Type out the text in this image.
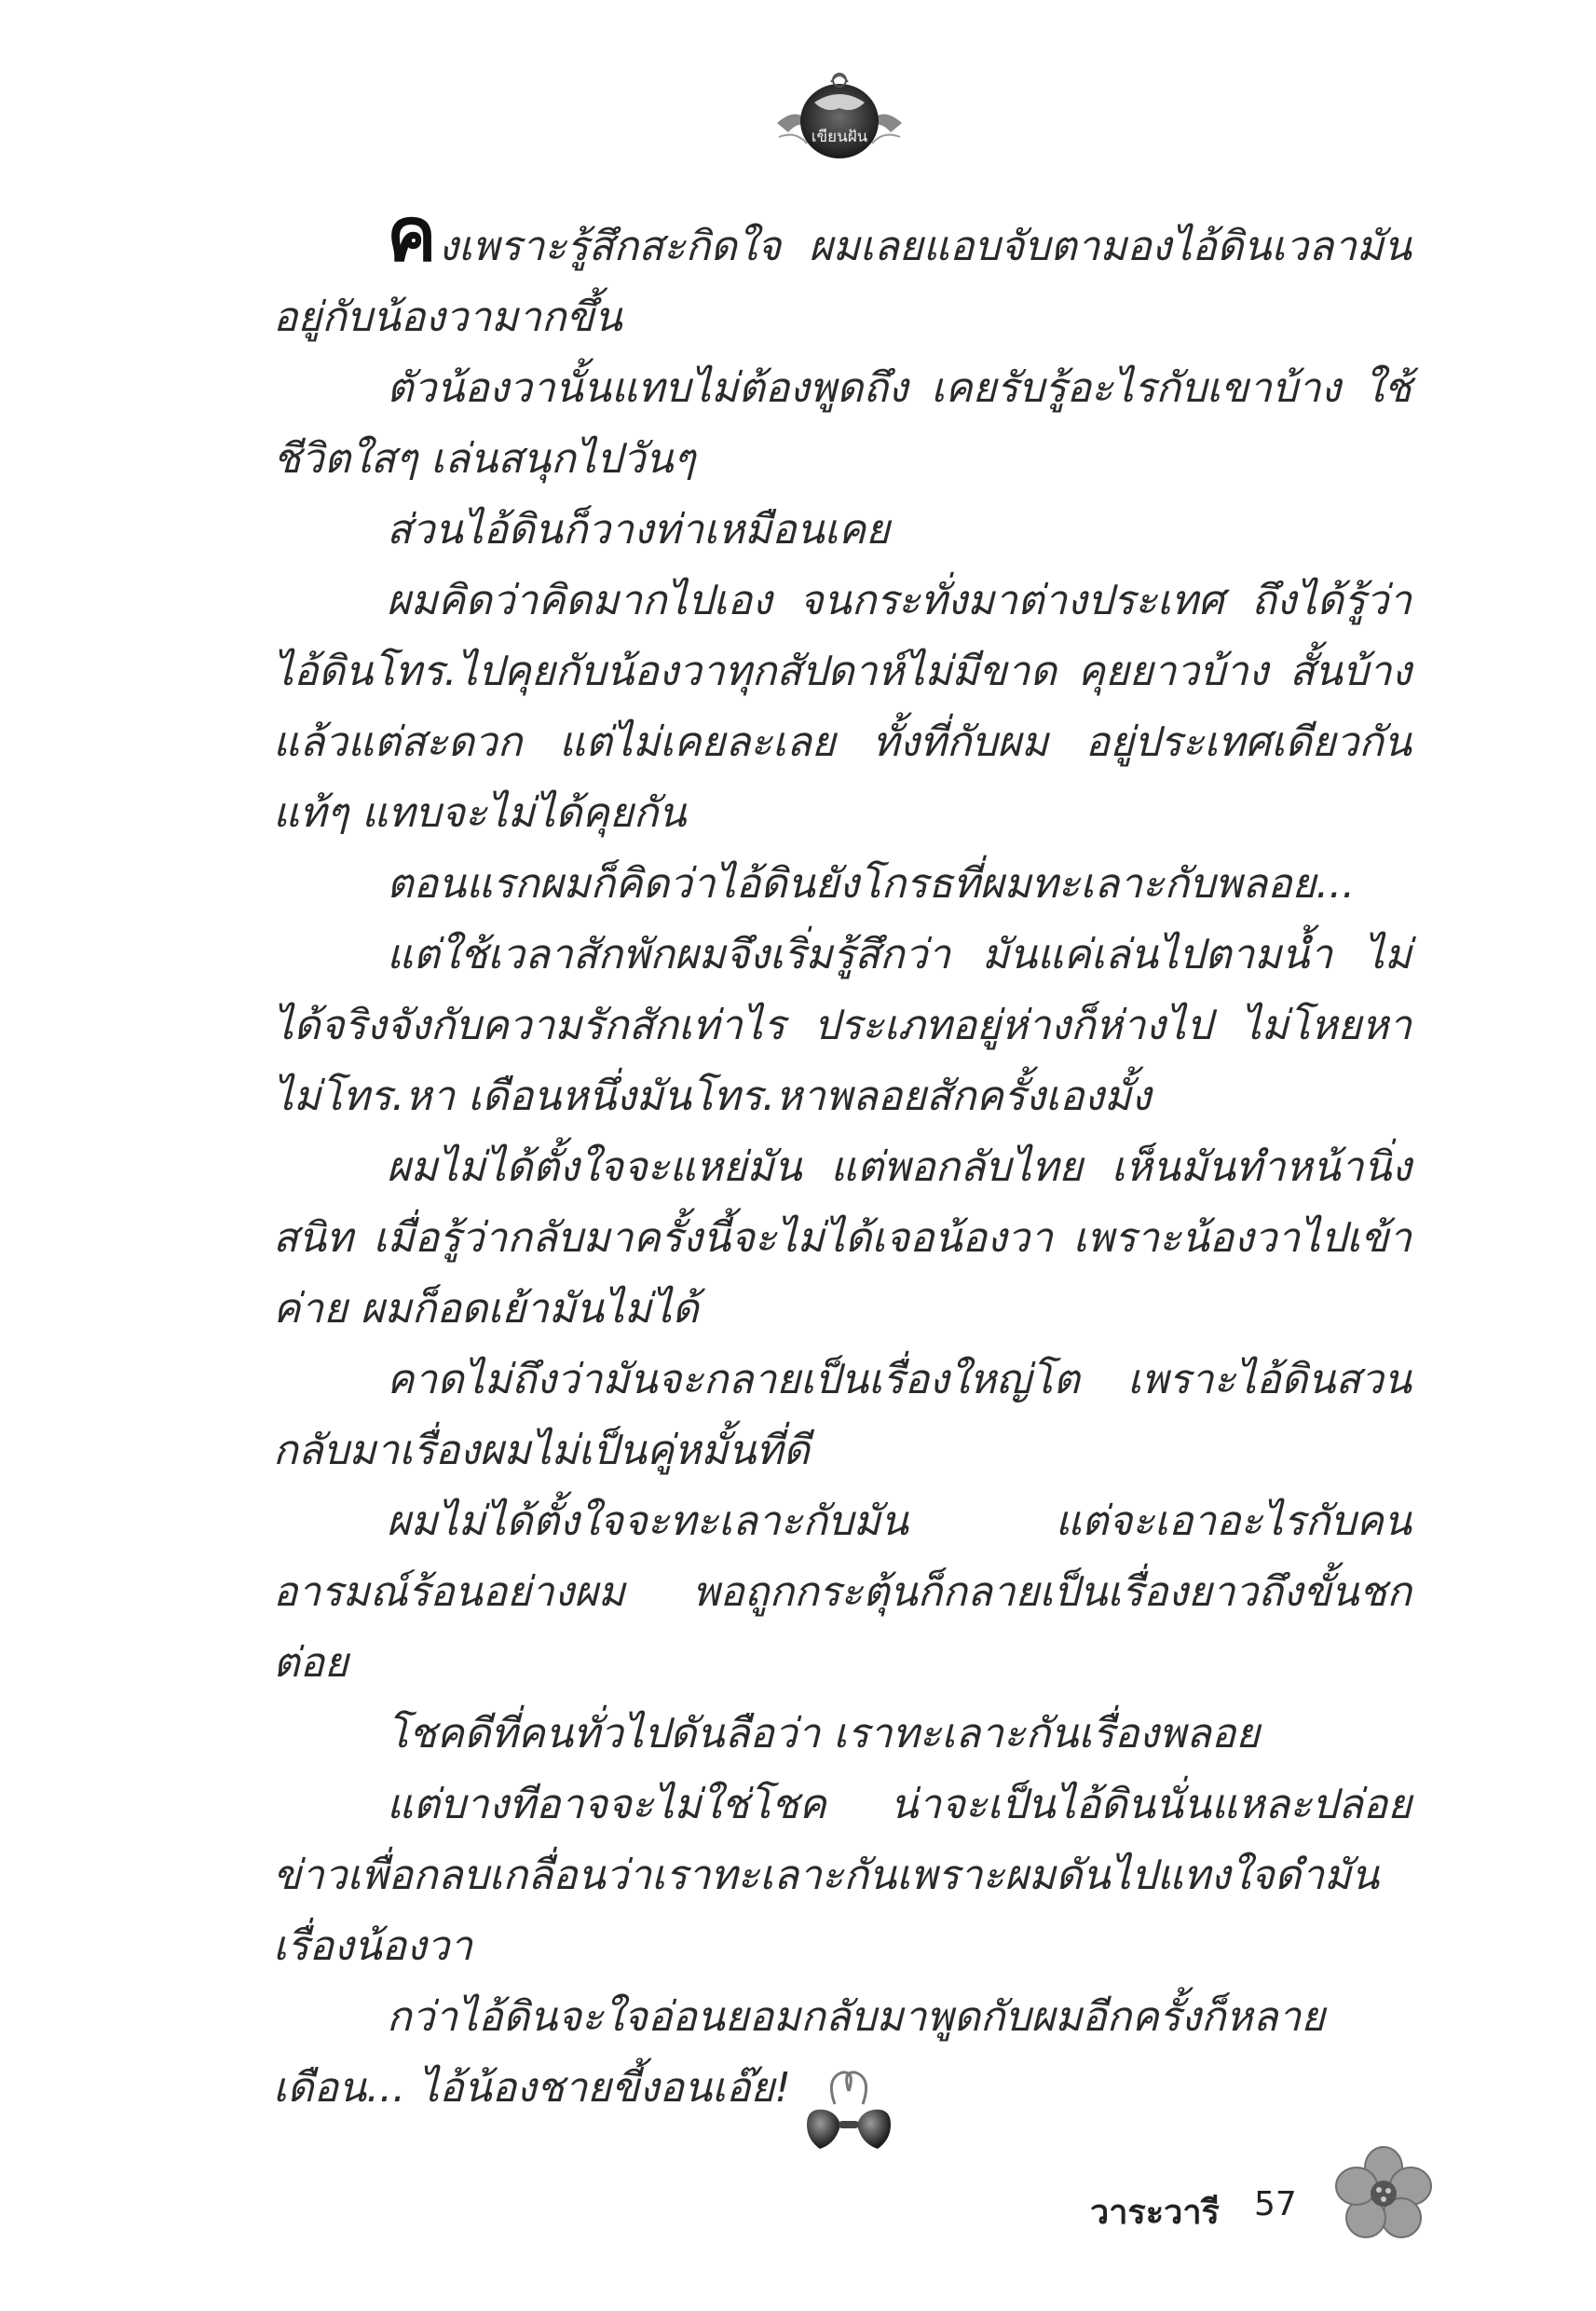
เขียนฝัน

คงเพราะรู้สึกสะกิดใจ ผมเลยแอบจับตามองไอ้ดินเวลามันอยู่กับน้องวามากขึ้น

ตัวน้องวานั้นแทบไม่ต้องพูดถึง เคยรับรู้อะไรกับเขาบ้าง ใช้ชีวิตใสๆ เล่นสนุกไปวันๆ

ส่วนไอ้ดินก็วางท่าเหมือนเคย

ผมคิดว่าคิดมากไปเอง จนกระทั่งมาต่างประเทศ ถึงได้รู้ว่าไอ้ดินโทร.ไปคุยกับน้องวาทุกสัปดาห์ไม่มีขาด คุยยาวบ้าง สั้นบ้าง แล้วแต่สะดวก แต่ไม่เคยละเลย ทั้งที่กับผม อยู่ประเทศเดียวกันแท้ๆ แทบจะไม่ได้คุยกัน

ตอนแรกผมก็คิดว่าไอ้ดินยังโกรธที่ผมทะเลาะกับพลอย...

แต่ใช้เวลาสักพักผมจึงเริ่มรู้สึกว่า มันแค่เล่นไปตามน้ำ ไม่ได้จริงจังกับความรักสักเท่าไร ประเภทอยู่ห่างก็ห่างไป ไม่โหยหา ไม่โทร.หา เดือนหนึ่งมันโทร.หาพลอยสักครั้งเองมั้ง

ผมไม่ได้ตั้งใจจะแหย่มัน แต่พอกลับไทย เห็นมันทำหน้านิ่งสนิท เมื่อรู้ว่ากลับมาครั้งนี้จะไม่ได้เจอน้องวา เพราะน้องวาไปเข้าค่าย ผมก็อดเย้ามันไม่ได้

คาดไม่ถึงว่ามันจะกลายเป็นเรื่องใหญ่โต เพราะไอ้ดินสวนกลับมาเรื่องผมไม่เป็นคู่หมั้นที่ดี

ผมไม่ได้ตั้งใจจะทะเลาะกับมัน แต่จะเอาอะไรกับคนอารมณ์ร้อนอย่างผม พอถูกกระตุ้นก็กลายเป็นเรื่องยาวถึงขั้นชกต่อย

โชคดีที่คนทั่วไปดันลือว่า เราทะเลาะกันเรื่องพลอย

แต่บางทีอาจจะไม่ใช่โชค น่าจะเป็นไอ้ดินนั่นแหละปล่อยข่าวเพื่อกลบเกลื่อนว่าเราทะเลาะกันเพราะผมดันไปแทงใจดำมันเรื่องน้องวา

กว่าไอ้ดินจะใจอ่อนยอมกลับมาพูดกับผมอีกครั้งก็หลายเดือน... ไอ้น้องชายขี้งอนเอ๊ย!

วาระวารี 57
